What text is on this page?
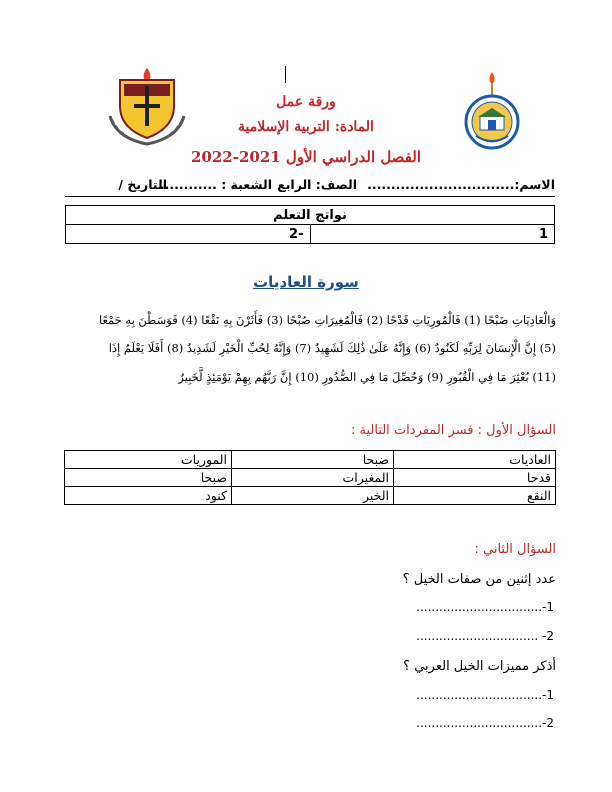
ورقة عمل
المادة: التربية الإسلامية
الفصل الدراسي الأول 2021-2022
الاسم:...............................
الصف: الرابع
الشعبة : ............
التاريخ /
نواتج التعلم
1	-2
سورة العاديات
وَالْعَادِيَاتِ ضَبْحًا (1) فَالْمُورِيَاتِ قَدْحًا (2) فَالْمُغِيرَاتِ صُبْحًا (3) فَأَثَرْنَ بِهِ نَقْعًا (4) فَوَسَطْنَ بِهِ جَمْعًا
(5) إِنَّ الْإِنسَانَ لِرَبِّهِ لَكَنُودٌ (6) وَإِنَّهُ عَلَىٰ ذَٰلِكَ لَشَهِيدٌ (7) وَإِنَّهُ لِحُبِّ الْخَيْرِ لَشَدِيدٌ (8) أَفَلَا يَعْلَمُ إِذَا
(11) بُعْثِرَ مَا فِي الْقُبُورِ (9) وَحُصِّلَ مَا فِي الصُّدُورِ (10) إِنَّ رَبَّهُم بِهِمْ يَوْمَئِذٍ لَّخَبِيرٌ
السؤال الأول : فسر المفردات التالية :
العاديات	ضبحا	الموريات
قدحا	المغيرات	صبحا
النقع	الخير	كنود
السؤال الثاني :
عدد إثنين من صفات الخيل ؟
1-.................................
2- ................................
أذكر مميزات الخيل العربي ؟
1-.................................
2-.................................
